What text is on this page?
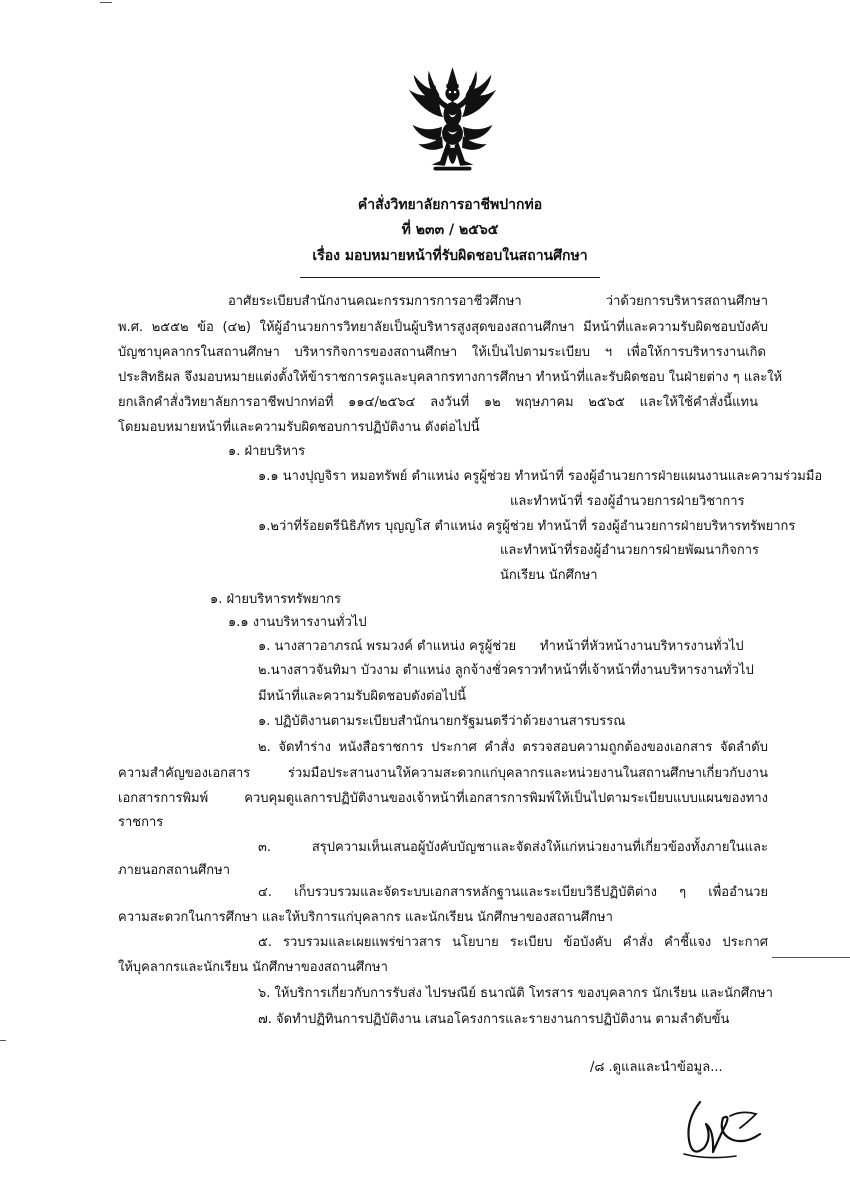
คำสั่งวิทยาลัยการอาชีพปากท่อ
ที่ ๒๓๓ / ๒๕๖๕
เรื่อง มอบหมายหน้าที่รับผิดชอบในสถานศึกษา
อาศัยระเบียบสำนักงานคณะกรรมการการอาชีวศึกษา ว่าด้วยการบริหารสถานศึกษา
พ.ศ. ๒๕๕๒ ข้อ (๔๒) ให้ผู้อำนวยการวิทยาลัยเป็นผู้บริหารสูงสุดของสถานศึกษา มีหน้าที่และความรับผิดชอบบังคับ
บัญชาบุคลากรในสถานศึกษา บริหารกิจการของสถานศึกษา ให้เป็นไปตามระเบียบ ฯ เพื่อให้การบริหารงานเกิด
ประสิทธิผล จึงมอบหมายแต่งตั้งให้ข้าราชการครูและบุคลากรทางการศึกษา ทำหน้าที่และรับผิดชอบ ในฝ่ายต่าง ๆ และให้
ยกเลิกคำสั่งวิทยาลัยการอาชีพปากท่อที่ ๑๑๔/๒๕๖๔ ลงวันที่ ๑๒ พฤษภาคม ๒๕๖๕ และให้ใช้คำสั่งนี้แทน
โดยมอบหมายหน้าที่และความรับผิดชอบการปฏิบัติงาน ดังต่อไปนี้
๑. ฝ่ายบริหาร
๑.๑ นางปุญจิรา หมอทรัพย์ ตำแหน่ง ครูผู้ช่วย ทำหน้าที่ รองผู้อำนวยการฝ่ายแผนงานและความร่วมมือ
และทำหน้าที่ รองผู้อำนวยการฝ่ายวิชาการ
๑.๒ว่าที่ร้อยตรีนิธิภัทร บุญญโส ตำแหน่ง ครูผู้ช่วย ทำหน้าที่ รองผู้อำนวยการฝ่ายบริหารทรัพยากร
และทำหน้าที่รองผู้อำนวยการฝ่ายพัฒนากิจการ
นักเรียน นักศึกษา
๑. ฝ่ายบริหารทรัพยากร
๑.๑ งานบริหารงานทั่วไป
๑. นางสาวอาภรณ์ พรมวงค์ ตำแหน่ง ครูผู้ช่วย ทำหน้าที่หัวหน้างานบริหารงานทั่วไป
๒.นางสาวจันทิมา บัวงาม ตำแหน่ง ลูกจ้างชั่วคราว ทำหน้าที่เจ้าหน้าที่งานบริหารงานทั่วไป
มีหน้าที่และความรับผิดชอบดังต่อไปนี้
๑. ปฏิบัติงานตามระเบียบสำนักนายกรัฐมนตรีว่าด้วยงานสารบรรณ
๒. จัดทำร่าง หนังสือราชการ ประกาศ คำสั่ง ตรวจสอบความถูกต้องของเอกสาร จัดลำดับ
ความสำคัญของเอกสาร ร่วมมือประสานงานให้ความสะดวกแก่บุคลากรและหน่วยงานในสถานศึกษาเกี่ยวกับงาน
เอกสารการพิมพ์ ควบคุมดูแลการปฏิบัติงานของเจ้าหน้าที่เอกสารการพิมพ์ให้เป็นไปตามระเบียบแบบแผนของทาง
ราชการ
๓. สรุปความเห็นเสนอผู้บังคับบัญชาและจัดส่งให้แก่หน่วยงานที่เกี่ยวข้องทั้งภายในและ
ภายนอกสถานศึกษา
๔. เก็บรวบรวมและจัดระบบเอกสารหลักฐานและระเบียบวิธีปฏิบัติต่าง ๆ เพื่ออำนวย
ความสะดวกในการศึกษา และให้บริการแก่บุคลากร และนักเรียน นักศึกษาของสถานศึกษา
๕. รวบรวมและเผยแพร่ข่าวสาร นโยบาย ระเบียบ ข้อบังคับ คำสั่ง คำชี้แจง ประกาศ
ให้บุคลากรและนักเรียน นักศึกษาของสถานศึกษา
๖. ให้บริการเกี่ยวกับการรับส่ง ไปรษณีย์ ธนาณัติ โทรสาร ของบุคลากร นักเรียน และนักศึกษา
๗. จัดทำปฏิทินการปฏิบัติงาน เสนอโครงการและรายงานการปฏิบัติงาน ตามลำดับขั้น
/๘ .ดูแลและนำข้อมูล...
